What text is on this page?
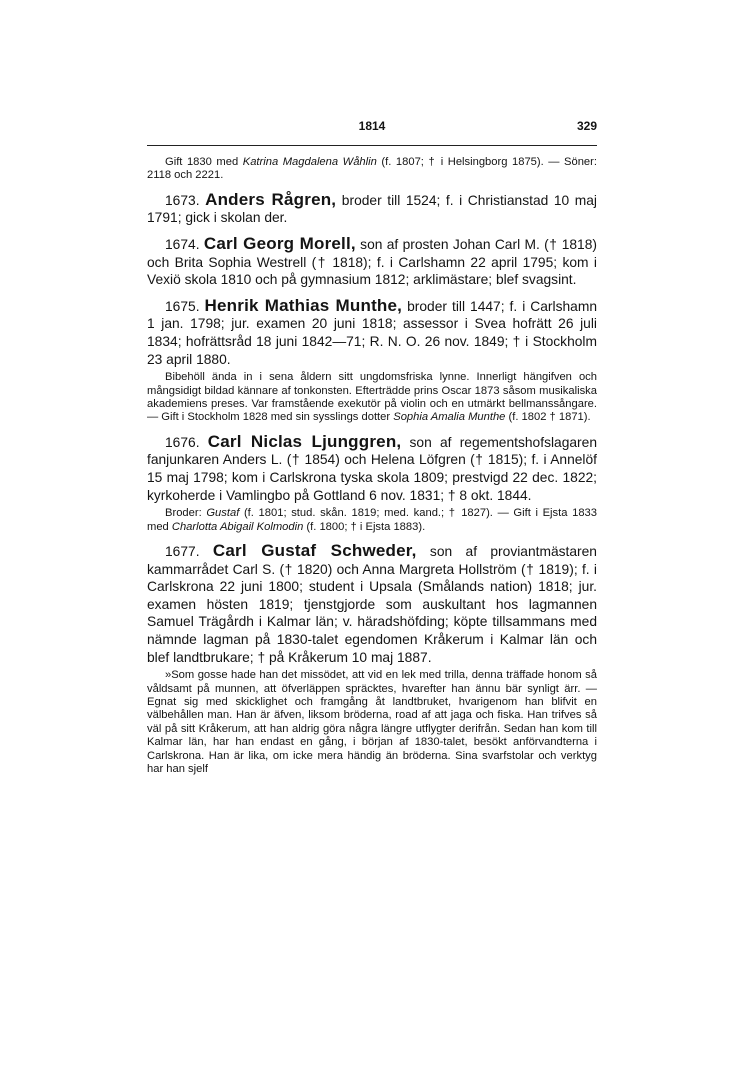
1814	329
Gift 1830 med Katrina Magdalena Wåhlin (f. 1807; † i Helsingborg 1875). — Söner: 2118 och 2221.
1673. Anders Rågren, broder till 1524; f. i Christianstad 10 maj 1791; gick i skolan der.
1674. Carl Georg Morell, son af prosten Johan Carl M. († 1818) och Brita Sophia Westrell († 1818); f. i Carlshamn 22 april 1795; kom i Vexiö skola 1810 och på gymnasium 1812; arklimästare; blef svagsint.
1675. Henrik Mathias Munthe, broder till 1447; f. i Carlshamn 1 jan. 1798; jur. examen 20 juni 1818; assessor i Svea hofrätt 26 juli 1834; hofrättsråd 18 juni 1842—71; R. N. O. 26 nov. 1849; † i Stockholm 23 april 1880.
Bibehöll ända in i sena åldern sitt ungdomsfriska lynne. Innerligt hängifven och mångsidigt bildad kännare af tonkonsten. Efterträdde prins Oscar 1873 såsom musikaliska akademiens preses. Var framstående exekutör på violin och en utmärkt bellmanssångare. — Gift i Stockholm 1828 med sin sysslings dotter Sophia Amalia Munthe (f. 1802 † 1871).
1676. Carl Niclas Ljunggren, son af regementshofslagaren fanjunkaren Anders L. († 1854) och Helena Löfgren († 1815); f. i Annelöf 15 maj 1798; kom i Carlskrona tyska skola 1809; prestvigd 22 dec. 1822; kyrkoherde i Vamlingbo på Gottland 6 nov. 1831; † 8 okt. 1844.
Broder: Gustaf (f. 1801; stud. skån. 1819; med. kand.; † 1827). — Gift i Ejsta 1833 med Charlotta Abigail Kolmodin (f. 1800; † i Ejsta 1883).
1677. Carl Gustaf Schweder, son af proviantmästaren kammarrådet Carl S. († 1820) och Anna Margreta Hollström († 1819); f. i Carlskrona 22 juni 1800; student i Upsala (Smålands nation) 1818; jur. examen hösten 1819; tjenstgjorde som auskultant hos lagmannen Samuel Trägårdh i Kalmar län; v. häradshöfding; köpte tillsammans med nämnde lagman på 1830-talet egendomen Kråkerum i Kalmar län och blef landtbrukare; † på Kråkerum 10 maj 1887.
»Som gosse hade han det missödet, att vid en lek med trilla, denna träffade honom så våldsamt på munnen, att öfverläppen spräcktes, hvarefter han ännu bär synligt ärr. — Egnat sig med skicklighet och framgång åt landtbruket, hvarigenom han blifvit en välbehållen man. Han är äfven, liksom bröderna, road af att jaga och fiska. Han trifves så väl på sitt Kråkerum, att han aldrig göra några längre utflygter derifrån. Sedan han kom till Kalmar län, har han endast en gång, i början af 1830-talet, besökt anförvandterna i Carlskrona. Han är lika, om icke mera händig än bröderna. Sina svarfstolar och verktyg har han sjelf
